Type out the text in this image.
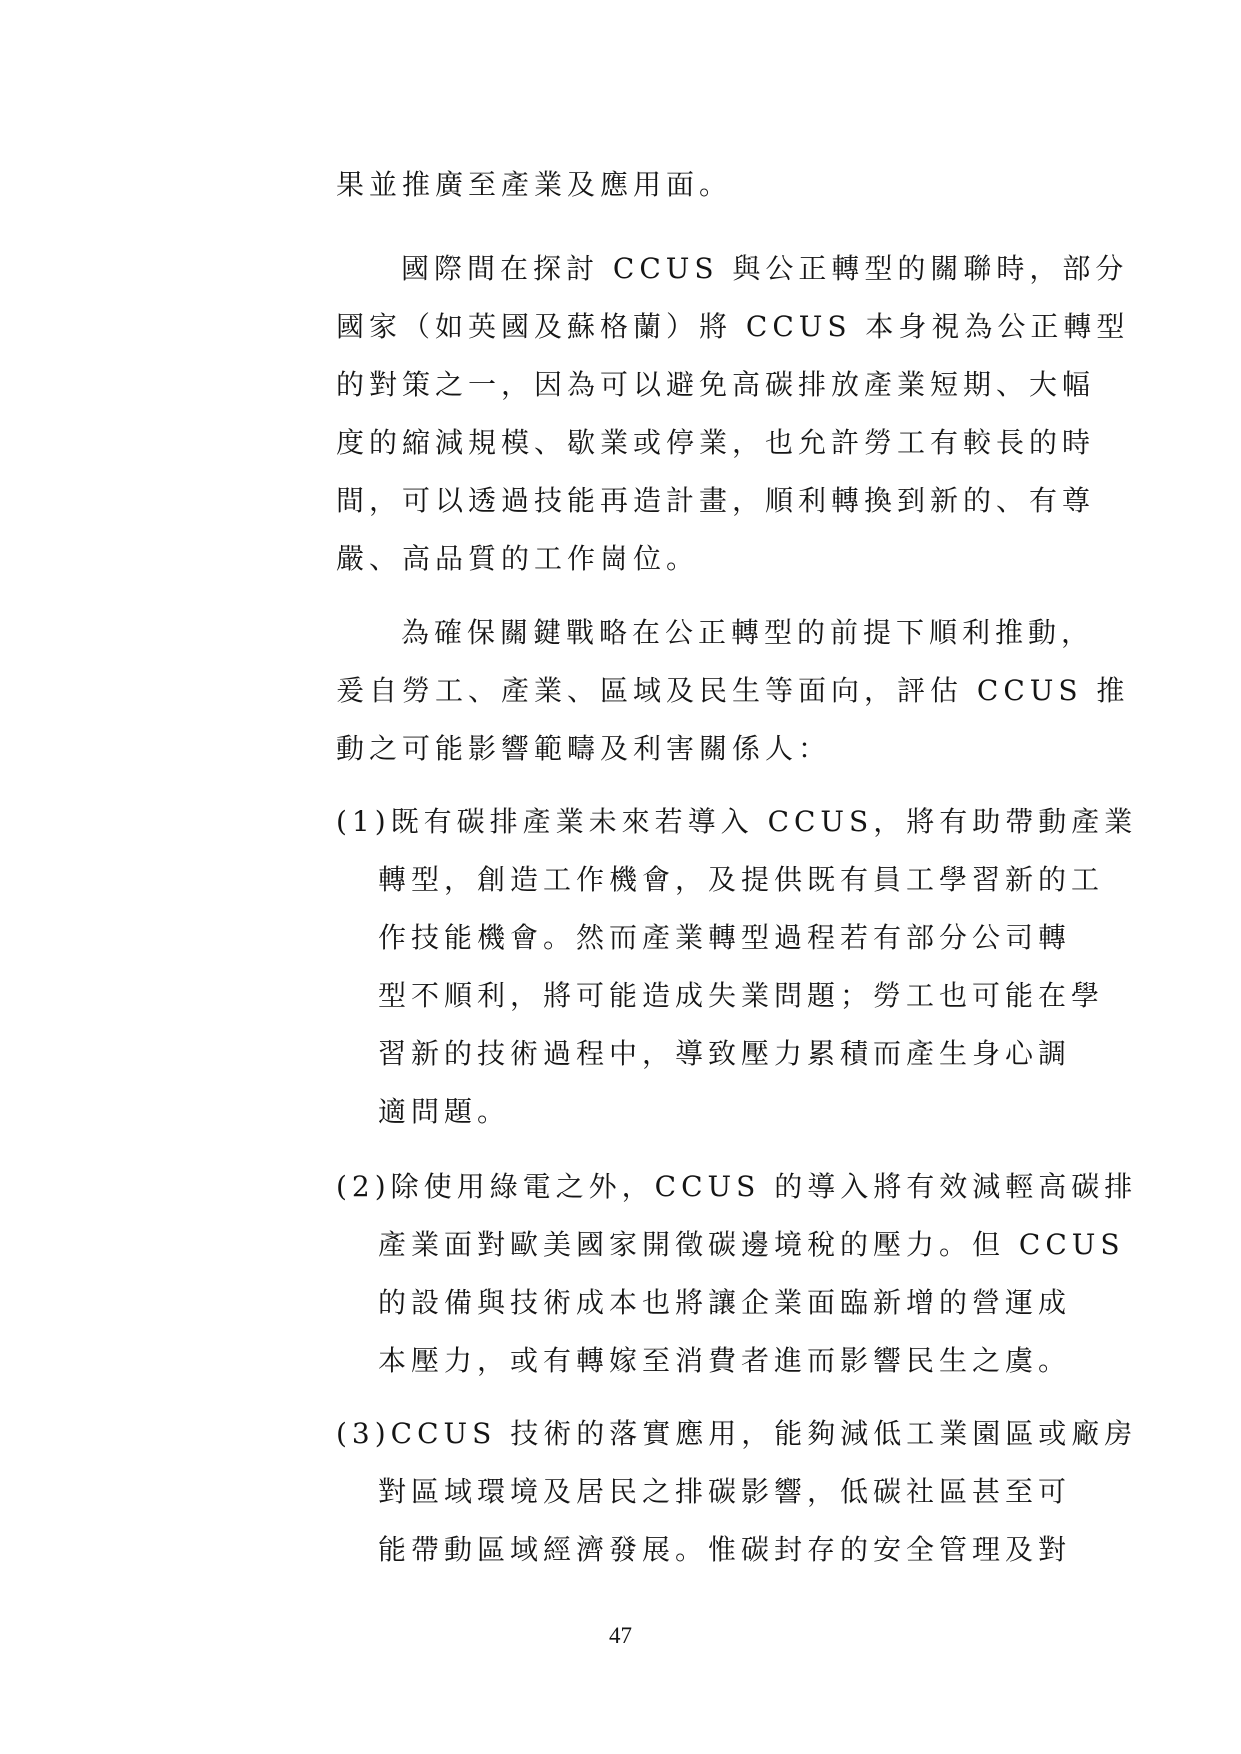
果並推廣至產業及應用面。
國際間在探討 CCUS 與公正轉型的關聯時，部分
國家（如英國及蘇格蘭）將 CCUS 本身視為公正轉型
的對策之一，因為可以避免高碳排放產業短期、大幅
度的縮減規模、歇業或停業，也允許勞工有較長的時
間，可以透過技能再造計畫，順利轉換到新的、有尊
嚴、高品質的工作崗位。
為確保關鍵戰略在公正轉型的前提下順利推動，
爰自勞工、產業、區域及民生等面向，評估 CCUS 推
動之可能影響範疇及利害關係人：
(1)既有碳排產業未來若導入 CCUS，將有助帶動產業
轉型，創造工作機會，及提供既有員工學習新的工
作技能機會。然而產業轉型過程若有部分公司轉
型不順利，將可能造成失業問題；勞工也可能在學
習新的技術過程中，導致壓力累積而產生身心調
適問題。
(2)除使用綠電之外，CCUS 的導入將有效減輕高碳排
產業面對歐美國家開徵碳邊境稅的壓力。但 CCUS
的設備與技術成本也將讓企業面臨新增的營運成
本壓力，或有轉嫁至消費者進而影響民生之虞。
(3)CCUS 技術的落實應用，能夠減低工業園區或廠房
對區域環境及居民之排碳影響，低碳社區甚至可
能帶動區域經濟發展。惟碳封存的安全管理及對
47
